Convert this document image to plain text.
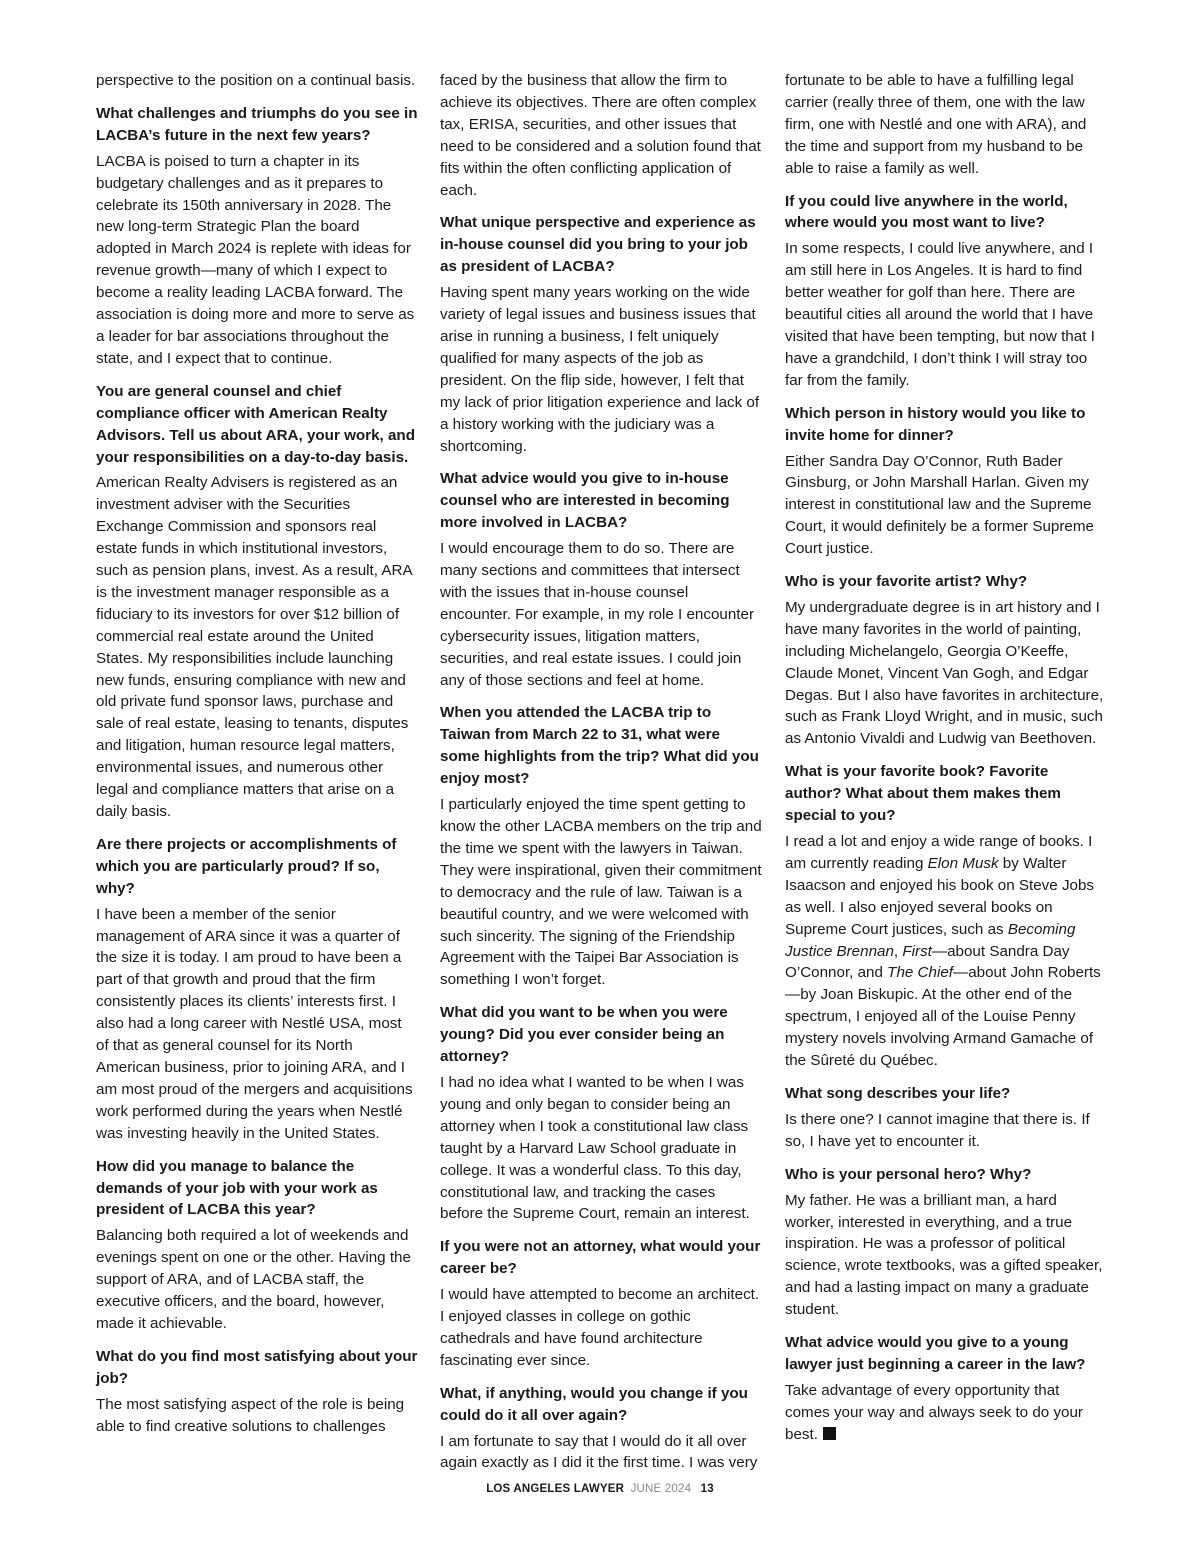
perspective to the position on a continual basis.

What challenges and triumphs do you see in LACBA’s future in the next few years?

LACBA is poised to turn a chapter in its budgetary challenges and as it prepares to celebrate its 150th anniversary in 2028. The new long-term Strategic Plan the board adopted in March 2024 is replete with ideas for revenue growth—many of which I expect to become a reality leading LACBA forward. The association is doing more and more to serve as a leader for bar associations throughout the state, and I expect that to continue.

You are general counsel and chief compliance officer with American Realty Advisors. Tell us about ARA, your work, and your responsibilities on a day-to-day basis.

American Realty Advisers is registered as an investment adviser with the Securities Exchange Commission and sponsors real estate funds in which institutional investors, such as pension plans, invest. As a result, ARA is the investment manager responsible as a fiduciary to its investors for over $12 billion of commercial real estate around the United States. My responsibilities include launching new funds, ensuring compliance with new and old private fund sponsor laws, purchase and sale of real estate, leasing to tenants, disputes and litigation, human resource legal matters, environmental issues, and numerous other legal and compliance matters that arise on a daily basis.

Are there projects or accomplishments of which you are particularly proud? If so, why?

I have been a member of the senior management of ARA since it was a quarter of the size it is today. I am proud to have been a part of that growth and proud that the firm consistently places its clients’ interests first. I also had a long career with Nestlé USA, most of that as general counsel for its North American business, prior to joining ARA, and I am most proud of the mergers and acquisitions work performed during the years when Nestlé was investing heavily in the United States.

How did you manage to balance the demands of your job with your work as president of LACBA this year?

Balancing both required a lot of weekends and evenings spent on one or the other. Having the support of ARA, and of LACBA staff, the executive officers, and the board, however, made it achievable.

What do you find most satisfying about your job?

The most satisfying aspect of the role is being able to find creative solutions to challenges

faced by the business that allow the firm to achieve its objectives. There are often complex tax, ERISA, securities, and other issues that need to be considered and a solution found that fits within the often conflicting application of each.

What unique perspective and experience as in-house counsel did you bring to your job as president of LACBA?

Having spent many years working on the wide variety of legal issues and business issues that arise in running a business, I felt uniquely qualified for many aspects of the job as president. On the flip side, however, I felt that my lack of prior litigation experience and lack of a history working with the judiciary was a shortcoming.

What advice would you give to in-house counsel who are interested in becoming more involved in LACBA?

I would encourage them to do so. There are many sections and committees that intersect with the issues that in-house counsel encounter. For example, in my role I encounter cybersecurity issues, litigation matters, securities, and real estate issues. I could join any of those sections and feel at home.

When you attended the LACBA trip to Taiwan from March 22 to 31, what were some highlights from the trip? What did you enjoy most?

I particularly enjoyed the time spent getting to know the other LACBA members on the trip and the time we spent with the lawyers in Taiwan. They were inspirational, given their commitment to democracy and the rule of law. Taiwan is a beautiful country, and we were welcomed with such sincerity. The signing of the Friendship Agreement with the Taipei Bar Association is something I won’t forget.

What did you want to be when you were young? Did you ever consider being an attorney?

I had no idea what I wanted to be when I was young and only began to consider being an attorney when I took a constitutional law class taught by a Harvard Law School graduate in college. It was a wonderful class. To this day, constitutional law, and tracking the cases before the Supreme Court, remain an interest.

If you were not an attorney, what would your career be?

I would have attempted to become an architect. I enjoyed classes in college on gothic cathedrals and have found architecture fascinating ever since.

What, if anything, would you change if you could do it all over again?

I am fortunate to say that I would do it all over again exactly as I did it the first time. I was very

fortunate to be able to have a fulfilling legal carrier (really three of them, one with the law firm, one with Nestlé and one with ARA), and the time and support from my husband to be able to raise a family as well.

If you could live anywhere in the world, where would you most want to live?

In some respects, I could live anywhere, and I am still here in Los Angeles. It is hard to find better weather for golf than here. There are beautiful cities all around the world that I have visited that have been tempting, but now that I have a grandchild, I don’t think I will stray too far from the family.

Which person in history would you like to invite home for dinner?

Either Sandra Day O’Connor, Ruth Bader Ginsburg, or John Marshall Harlan. Given my interest in constitutional law and the Supreme Court, it would definitely be a former Supreme Court justice.

Who is your favorite artist? Why?

My undergraduate degree is in art history and I have many favorites in the world of painting, including Michelangelo, Georgia O’Keeffe, Claude Monet, Vincent Van Gogh, and Edgar Degas. But I also have favorites in architecture, such as Frank Lloyd Wright, and in music, such as Antonio Vivaldi and Ludwig van Beethoven.

What is your favorite book? Favorite author? What about them makes them special to you?

I read a lot and enjoy a wide range of books. I am currently reading Elon Musk by Walter Isaacson and enjoyed his book on Steve Jobs as well. I also enjoyed several books on Supreme Court justices, such as Becoming Justice Brennan, First—about Sandra Day O’Connor, and The Chief—about John Roberts—by Joan Biskupic. At the other end of the spectrum, I enjoyed all of the Louise Penny mystery novels involving Armand Gamache of the Sûreté du Québec.

What song describes your life?

Is there one? I cannot imagine that there is. If so, I have yet to encounter it.

Who is your personal hero? Why?

My father. He was a brilliant man, a hard worker, interested in everything, and a true inspiration. He was a professor of political science, wrote textbooks, was a gifted speaker, and had a lasting impact on many a graduate student.

What advice would you give to a young lawyer just beginning a career in the law?

Take advantage of every opportunity that comes your way and always seek to do your best.

LOS ANGELES LAWYER JUNE 2024 13
